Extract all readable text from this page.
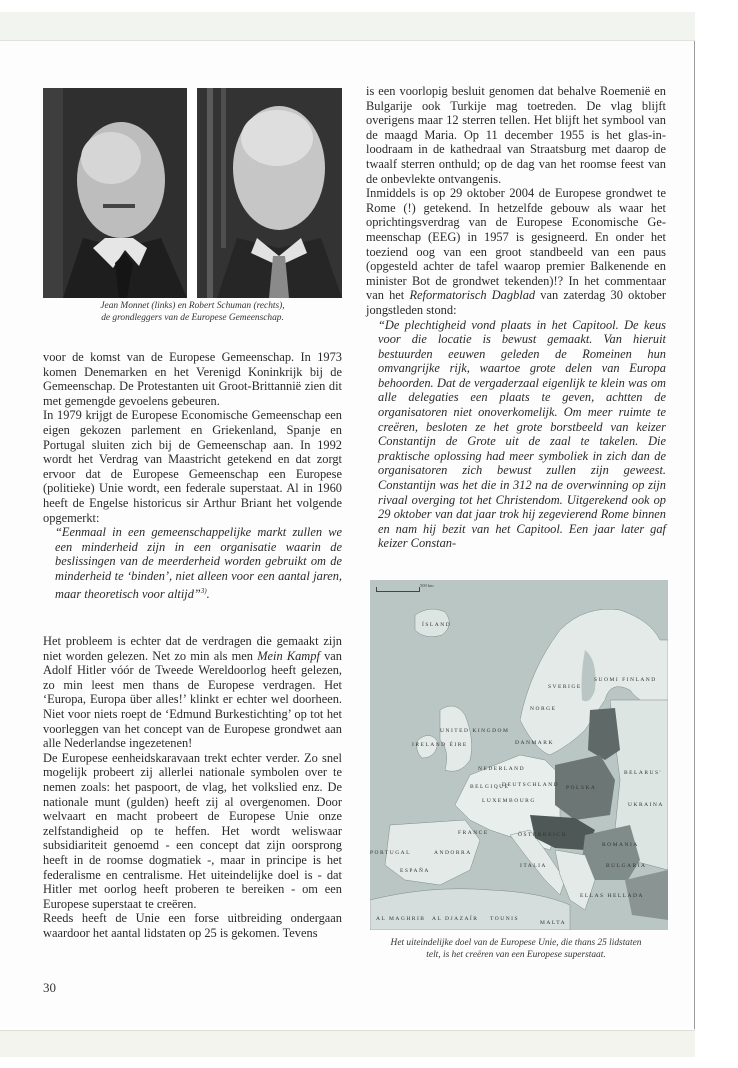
Jean Monnet (links) en Robert Schuman (rechts),
de grondleggers van de Europese Gemeenschap.

voor de komst van de Europese Gemeenschap. In 1973 komen Denemarken en het Verenigd Koninkrijk bij de Gemeenschap. De Protestanten uit Groot-Brittannië zien dit met gemengde gevoelens gebeuren.

In 1979 krijgt de Europese Economische Gemeenschap een eigen gekozen parlement en Griekenland, Spanje en Portugal sluiten zich bij de Gemeenschap aan. In 1992 wordt het Verdrag van Maastricht getekend en dat zorgt ervoor dat de Europese Gemeenschap een Europese (politieke) Unie wordt, een federale superstaat. Al in 1960 heeft de Engelse historicus sir Arthur Briant het volgende opgemerkt:

“Eenmaal in een gemeenschappelijke markt zullen we een minderheid zijn in een organisatie waarin de beslissingen van de meerderheid worden gebruikt om de minderheid te ‘binden’, niet alleen voor een aantal jaren, maar theoretisch voor altijd”$^{3)}$.

Het probleem is echter dat de verdragen die gemaakt zijn niet worden gelezen. Net zo min als men Mein Kampf van Adolf Hitler vóór de Tweede Wereldoorlog heeft gelezen, zo min leest men thans de Europese verdragen. Het ‘Europa, Europa über alles!’ klinkt er echter wel doorheen. Niet voor niets roept de ‘Edmund Burkestichting’ op tot het voorleggen van het concept van de Europese grondwet aan alle Nederlandse ingezetenen!

De Europese eenheidskaravaan trekt echter verder. Zo snel mogelijk probeert zij allerlei nationale symbolen over te nemen zoals: het paspoort, de vlag, het volkslied enz. De nationale munt (gulden) heeft zij al overgenomen. Door welvaart en macht probeert de Europese Unie onze zelfstandigheid op te heffen. Het wordt weliswaar subsidiariteit genoemd - een concept dat zijn oorsprong heeft in de roomse dogmatiek -, maar in principe is het federalisme en centralisme. Het uiteindelijke doel is - dat Hitler met oorlog heeft proberen te bereiken - om een Europese superstaat te creëren.

Reeds heeft de Unie een forse uitbreiding ondergaan waardoor het aantal lidstaten op 25 is gekomen. Tevens

30

is een voorlopig besluit genomen dat behalve Roemenië en Bulgarije ook Turkije mag toetreden. De vlag blijft overigens maar 12 sterren tellen. Het blijft het symbool van de maagd Maria. Op 11 december 1955 is het glas-in-loodraam in de kathedraal van Straatsburg met daarop de twaalf sterren onthuld; op de dag van het roomse feest van de onbevlekte ontvangenis.

Inmiddels is op 29 oktober 2004 de Europese grondwet te Rome (!) getekend. In hetzelfde gebouw als waar het oprichtingsverdrag van de Europese Economische Gemeenschap (EEG) in 1957 is gesigneerd. En onder het toeziend oog van een groot standbeeld van een paus (opgesteld achter de tafel waarop premier Balkenende en minister Bot de grondwet tekenden)!? In het commentaar van het Reformatorisch Dagblad van zaterdag 30 oktober jongstleden stond:

“De plechtigheid vond plaats in het Capitool. De keus voor die locatie is bewust gemaakt. Van hieruit bestuurden eeuwen geleden de Romeinen hun omvangrijke rijk, waartoe grote delen van Europa behoorden. Dat de vergaderzaal eigenlijk te klein was om alle delegaties een plaats te geven, achtten de organisatoren niet onoverkomelijk. Om meer ruimte te creëren, besloten ze het grote borstbeeld van keizer Constantijn de Grote uit de zaal te takelen. Die praktische oplossing had meer symboliek in zich dan de organisatoren zich bewust zullen zijn geweest. Constantijn was het die in 312 na de overwinning op zijn rivaal overging tot het Christendom. Uitgerekend ook op 29 oktober van dat jaar trok hij zegevierend Rome binnen en nam hij bezit van het Capitool. Een jaar later gaf keizer Constan-

500 km
ÍSLAND
SVERIGE
SUOMI FINLAND
NORGE
UNITED KINGDOM
IRELAND ÉIRE	DANMARK
NEDERLAND
BELGIQUE
DEUTSCHLAND
LUXEMBOURG
POLSKA
BELARUS'
UKRAINA
FRANCE	ÖSTERREICH
ROMANIA
ESPAÑA
PORTUGAL	ANDORRA
ITALIA	BULGARIA
ELLAS HELLADA
AL MAGHRIB AL DJAZAÏR TOUNIS
MALTA
Het uiteindelijke doel van de Europese Unie, die thans 25 lidstaten
telt, is het creëren van een Europese superstaat.
